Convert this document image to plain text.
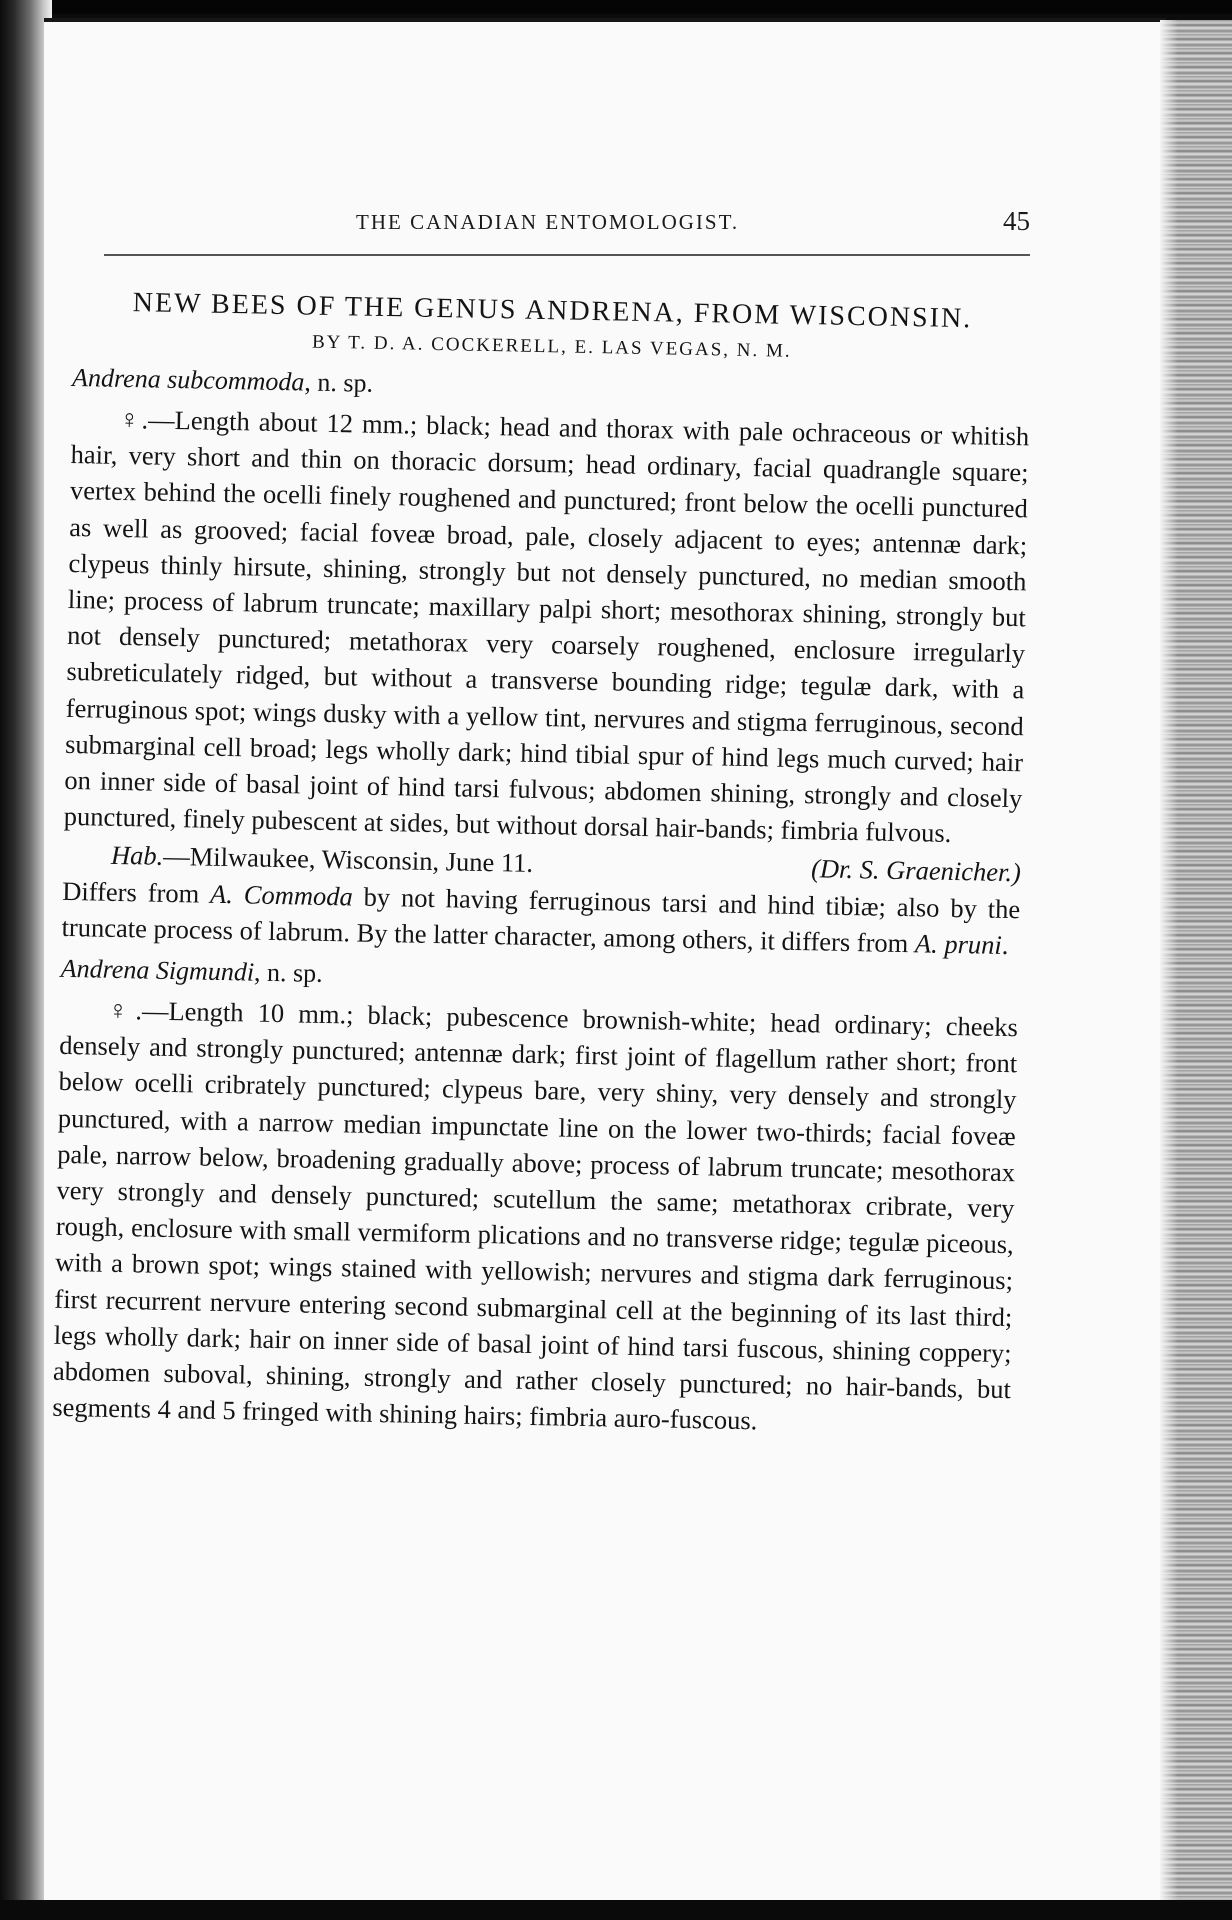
THE CANADIAN ENTOMOLOGIST.	45
NEW BEES OF THE GENUS ANDRENA, FROM WISCONSIN.
BY T. D. A. COCKERELL, E. LAS VEGAS, N. M.
Andrena subcommoda, n. sp.

♀.—Length about 12 mm.; black; head and thorax with pale ochraceous or whitish hair, very short and thin on thoracic dorsum; head ordinary, facial quadrangle square; vertex behind the ocelli finely roughened and punctured; front below the ocelli punctured as well as grooved; facial foveæ broad, pale, closely adjacent to eyes; antennæ dark; clypeus thinly hirsute, shining, strongly but not densely punctured, no median smooth line; process of labrum truncate; maxillary palpi short; mesothorax shining, strongly but not densely punctured; metathorax very coarsely roughened, enclosure irregularly subreticulately ridged, but without a transverse bounding ridge; tegulæ dark, with a ferruginous spot; wings dusky with a yellow tint, nervures and stigma ferruginous, second submarginal cell broad; legs wholly dark; hind tibial spur of hind legs much curved; hair on inner side of basal joint of hind tarsi fulvous; abdomen shining, strongly and closely punctured, finely pubescent at sides, but without dorsal hair-bands; fimbria fulvous.

Hab.—Milwaukee, Wisconsin, June 11.	(Dr. S. Graenicher.)

Differs from A. Commoda by not having ferruginous tarsi and hind tibiæ; also by the truncate process of labrum. By the latter character, among others, it differs from A. pruni.

Andrena Sigmundi, n. sp.

♀.—Length 10 mm.; black; pubescence brownish-white; head ordinary; cheeks densely and strongly punctured; antennæ dark; first joint of flagellum rather short; front below ocelli cribrately punctured; clypeus bare, very shiny, very densely and strongly punctured, with a narrow median impunctate line on the lower two-thirds; facial foveæ pale, narrow below, broadening gradually above; process of labrum truncate; mesothorax very strongly and densely punctured; scutellum the same; metathorax cribrate, very rough, enclosure with small vermiform plications and no transverse ridge; tegulæ piceous, with a brown spot; wings stained with yellowish; nervures and stigma dark ferruginous; first recurrent nervure entering second submarginal cell at the beginning of its last third; legs wholly dark; hair on inner side of basal joint of hind tarsi fuscous, shining coppery; abdomen suboval, shining, strongly and rather closely punctured; no hair-bands, but segments 4 and 5 fringed with shining hairs; fimbria auro-fuscous.
